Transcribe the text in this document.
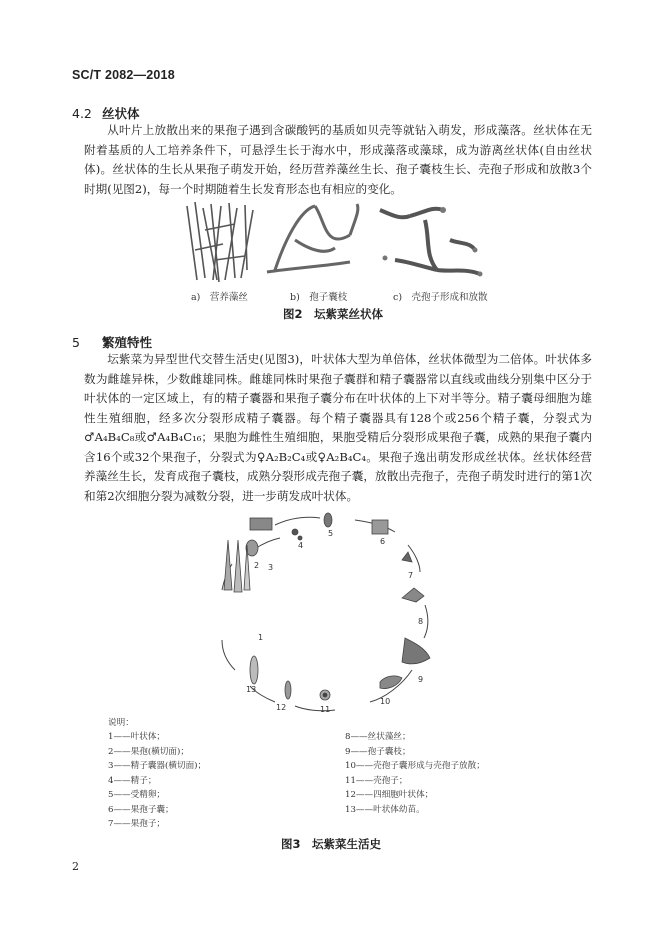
SC/T 2082—2018
4.2 丝状体

从叶片上放散出来的果孢子遇到含碳酸钙的基质如贝壳等就钻入萌发，形成藻落。丝状体在无附着基质的人工培养条件下，可悬浮生长于海水中，形成藻落或藻球，成为游离丝状体(自由丝状体)。丝状体的生长从果孢子萌发开始，经历营养藻丝生长、孢子囊枝生长、壳孢子形成和放散3个时期(见图2)，每一个时期随着生长发育形态也有相应的变化。

a)　营养藻丝	b)　孢子囊枝	c)　壳孢子形成和放散
图2　坛紫菜丝状体
5 繁殖特性

坛紫菜为异型世代交替生活史(见图3)，叶状体大型为单倍体，丝状体微型为二倍体。叶状体多数为雌雄异株，少数雌雄同株。雌雄同株时果孢子囊群和精子囊器常以直线或曲线分别集中区分于叶状体的一定区域上，有的精子囊器和果孢子囊分布在叶状体的上下对半等分。精子囊母细胞为雄性生殖细胞，经多次分裂形成精子囊器。每个精子囊器具有128个或256个精子囊，分裂式为♂A₄B₄C₈或♂A₄B₄C₁₆；果胞为雌性生殖细胞，果胞受精后分裂形成果孢子囊，成熟的果孢子囊内含16个或32个果孢子，分裂式为♀A₂B₂C₄或♀A₂B₄C₄。果孢子逸出萌发形成丝状体。丝状体经营养藻丝生长，发育成孢子囊枝，成熟分裂形成壳孢子囊，放散出壳孢子，壳孢子萌发时进行的第1次和第2次细胞分裂为减数分裂，进一步萌发成叶状体。

1
2 3
4
5
6
7
8
9
10
11
12
13
说明：
1——叶状体；
2——果孢(横切面)；
3——精子囊器(横切面)；
4——精子；
5——受精卵；
6——果孢子囊；
7——果孢子；
8——丝状藻丝；
9——孢子囊枝；
10——壳孢子囊形成与壳孢子放散；
11——壳孢子；
12——四细胞叶状体；
13——叶状体幼苗。
图3　坛紫菜生活史
2
